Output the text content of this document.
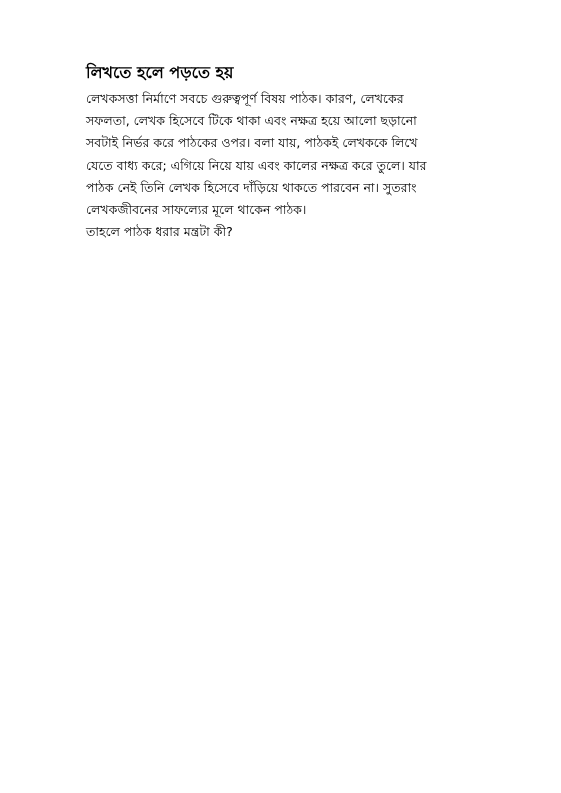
লিখতে হলে পড়তে হয়
লেখকসত্তা নির্মাণে সবচে গুরুত্বপূর্ণ বিষয় পাঠক। কারণ, লেখকের
সফলতা, লেখক হিসেবে টিকে থাকা এবং নক্ষত্র হয়ে আলো ছড়ানো
সবটাই নির্ভর করে পাঠকের ওপর। বলা যায়, পাঠকই লেখককে লিখে
যেতে বাধ্য করে; এগিয়ে নিয়ে যায় এবং কালের নক্ষত্র করে তুলে। যার
পাঠক নেই তিনি লেখক হিসেবে দাঁড়িয়ে থাকতে পারবেন না। সুতরাং
লেখকজীবনের সাফল্যের মূলে থাকেন পাঠক।

তাহলে পাঠক ধরার মন্ত্রটা কী?
